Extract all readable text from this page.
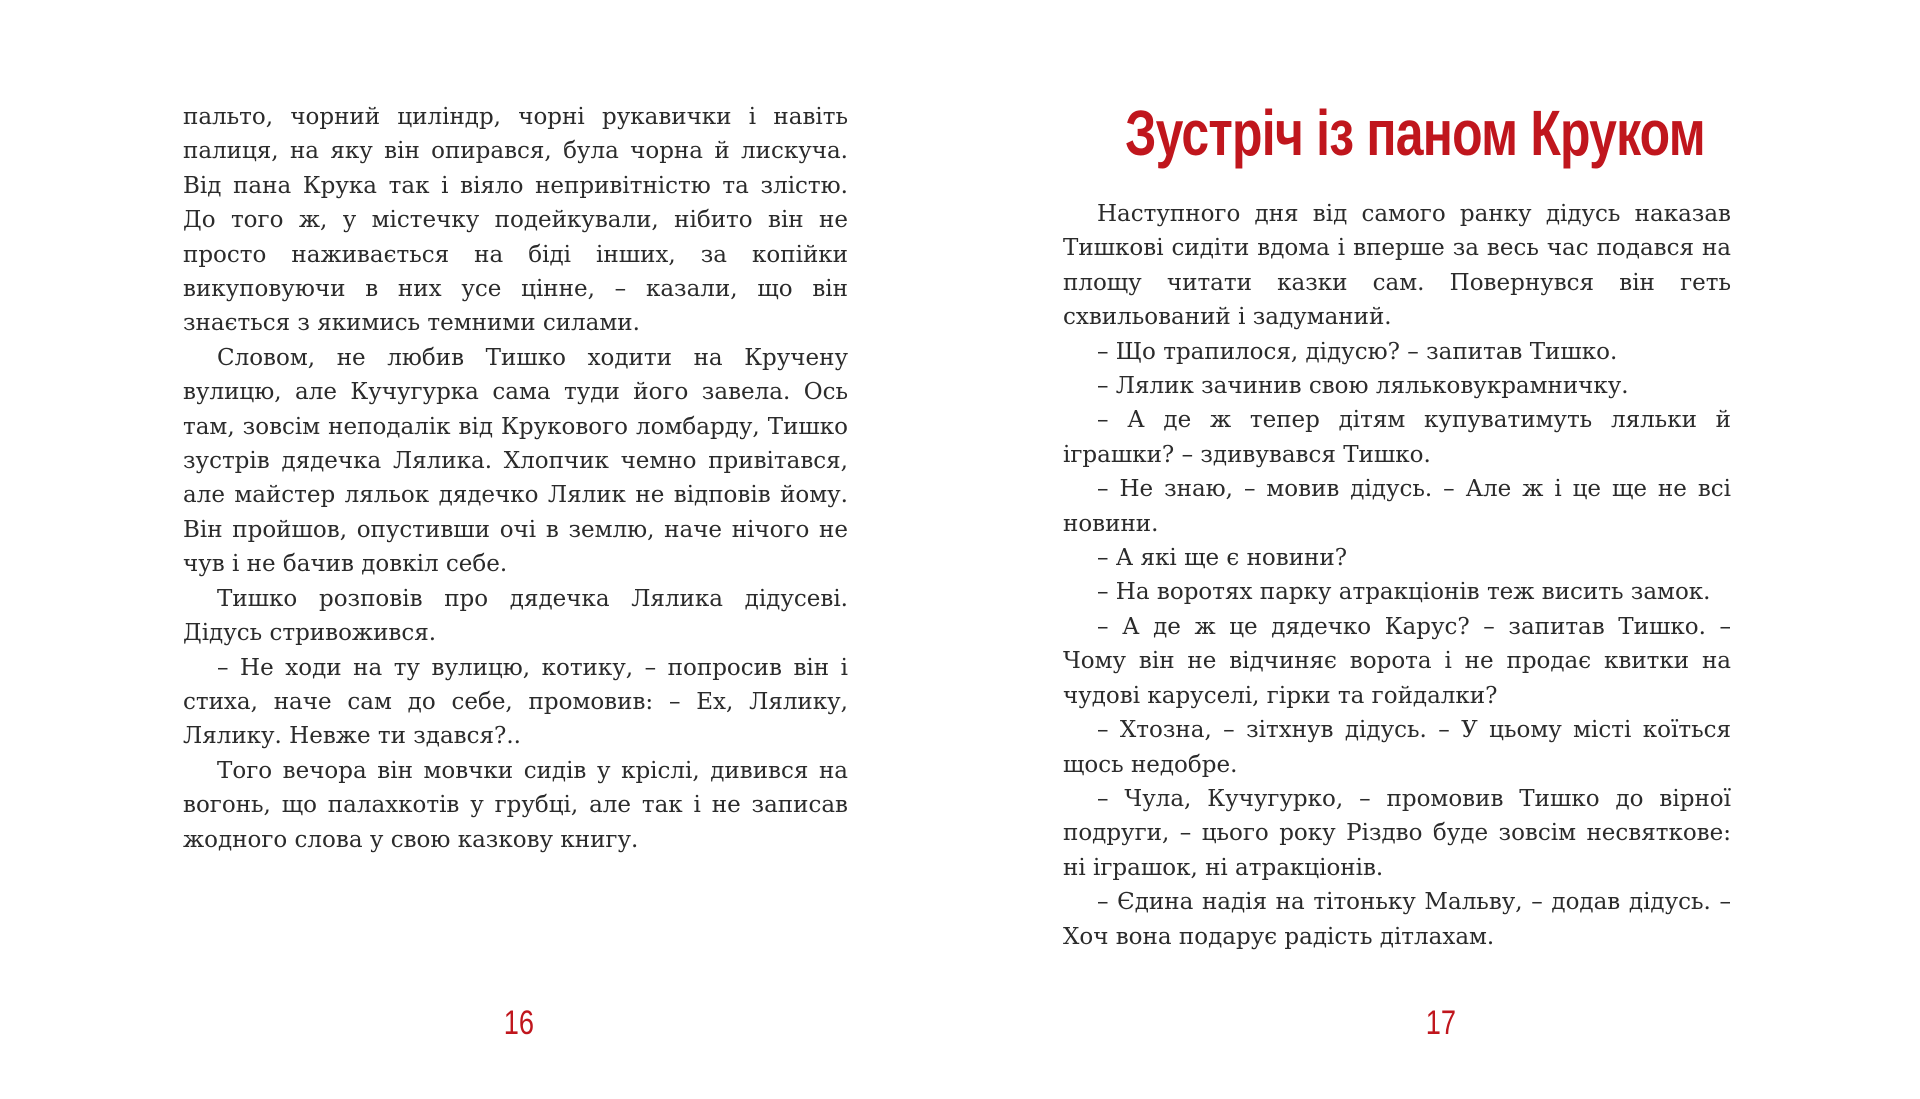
пальто, чорний циліндр, чорні рукавички і навіть палиця, на яку він опирався, була чорна й лискуча. Від пана Крука так і віяло непривітністю та злістю. До того ж, у містечку подейкували, нібито він не просто наживається на біді інших, за копійки викуповуючи в них усе цінне, – казали, що він знається з якимись темними силами.

Словом, не любив Тишко ходити на Кручену вулицю, але Кучугурка сама туди його завела. Ось там, зовсім неподалік від Крукового ломбарду, Тишко зустрів дядечка Лялика. Хлопчик чемно привітався, але майстер ляльок дядечко Лялик не відповів йому. Він пройшов, опустивши очі в землю, наче нічого не чув і не бачив довкіл себе.

Тишко розповів про дядечка Лялика дідусеві. Дідусь стривожився.

– Не ходи на ту вулицю, котику, – попросив він і стиха, наче сам до себе, промовив: – Ех, Лялику, Лялику. Невже ти здався?..

Того вечора він мовчки сидів у кріслі, дивився на вогонь, що палахкотів у грубці, але так і не записав жодного слова у свою казкову книгу.

16
Зустріч із паном Круком

Наступного дня від самого ранку дідусь наказав Тишкові сидіти вдома і вперше за весь час подався на площу читати казки сам. Повернувся він геть схвильований і задуманий.

– Що трапилося, дідусю? – запитав Тишко.

– Лялик зачинив свою ляльковукрамничку.

– А де ж тепер дітям купуватимуть ляльки й іграшки? – здивувався Тишко.

– Не знаю, – мовив дідусь. – Але ж і це ще не всі новини.

– А які ще є новини?

– На воротях парку атракціонів теж висить замок.

– А де ж це дядечко Карус? – запитав Тишко. – Чому він не відчиняє ворота і не продає квитки на чудові каруселі, гірки та гойдалки?

– Хтозна, – зітхнув дідусь. – У цьому місті коїться щось недобре.

– Чула, Кучугурко, – промовив Тишко до вірної подруги, – цього року Різдво буде зовсім несвяткове: ні іграшок, ні атракціонів.

– Єдина надія на тітоньку Мальву, – додав дідусь. – Хоч вона подарує радість дітлахам.

17
